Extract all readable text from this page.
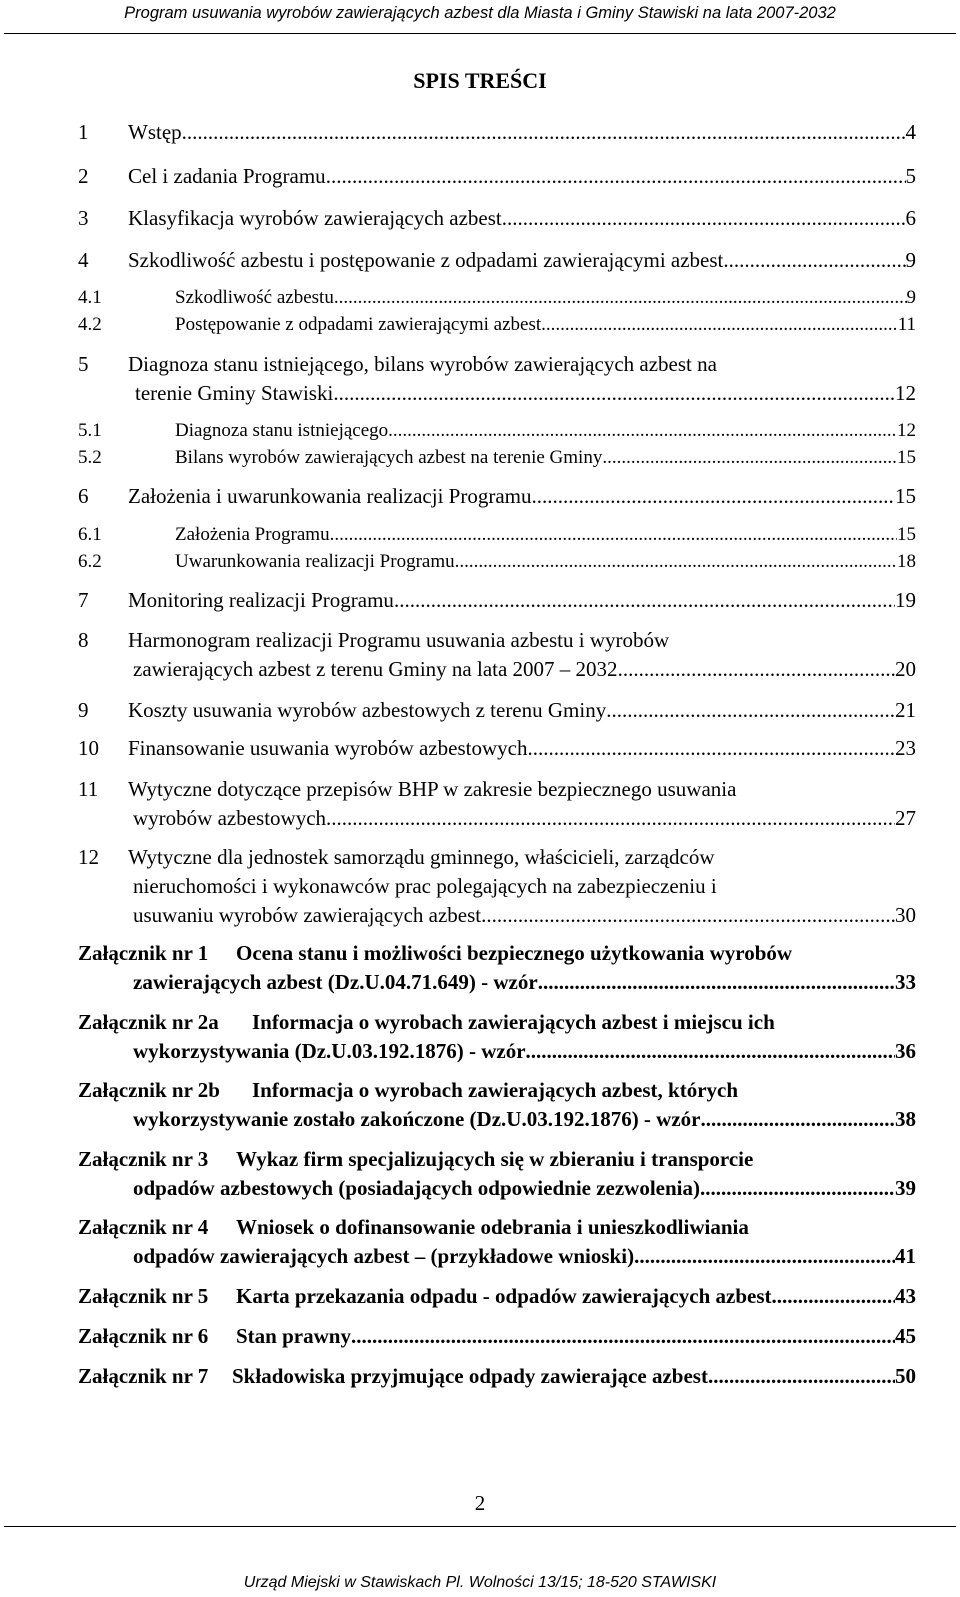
Program usuwania wyrobów zawierających azbest dla Miasta i Gminy Stawiski na lata 2007-2032
SPIS TREŚCI
1 Wstęp .....	4
2 Cel i zadania Programu .....	5
3 Klasyfikacja wyrobów zawierających azbest .....	6
4 Szkodliwość azbestu i postępowanie z odpadami zawierającymi azbest .....	9
4.1	Szkodliwość azbestu .....	9
4.2	Postępowanie z odpadami zawierającymi azbest .....	11
5 Diagnoza stanu istniejącego, bilans wyrobów zawierających azbest na
terenie Gminy Stawiski .....	12
5.1	Diagnoza stanu istniejącego .....	12
5.2	Bilans wyrobów zawierających azbest na terenie Gminy .....	15
6 Założenia i uwarunkowania realizacji Programu .....	15
6.1	Założenia Programu .....	15
6.2	Uwarunkowania realizacji Programu .....	18
7 Monitoring realizacji Programu .....	19
8 Harmonogram realizacji Programu usuwania azbestu i wyrobów
zawierających azbest z terenu Gminy na lata 2007 – 2032 .....	20
9 Koszty usuwania wyrobów azbestowych z terenu Gminy .....	21
10 Finansowanie usuwania wyrobów azbestowych .....	23
11 Wytyczne dotyczące przepisów BHP w zakresie bezpiecznego usuwania
wyrobów azbestowych .....	27
12 Wytyczne dla jednostek samorządu gminnego, właścicieli, zarządców
nieruchomości i wykonawców prac polegających na zabezpieczeniu i
usuwaniu wyrobów zawierających azbest .....	30
Załącznik nr 1 Ocena stanu i możliwości bezpiecznego użytkowania wyrobów
zawierających azbest (Dz.U.04.71.649) - wzór .....	33
Załącznik nr 2a Informacja o wyrobach zawierających azbest i miejscu ich
wykorzystywania (Dz.U.03.192.1876) - wzór .....	36
Załącznik nr 2b Informacja o wyrobach zawierających azbest, których
wykorzystywanie zostało zakończone (Dz.U.03.192.1876) - wzór .....	38
Załącznik nr 3 Wykaz firm specjalizujących się w zbieraniu i transporcie
odpadów azbestowych (posiadających odpowiednie zezwolenia) .....	39
Załącznik nr 4 Wniosek o dofinansowanie odebrania i unieszkodliwiania
odpadów zawierających azbest – (przykładowe wnioski) .....	41
Załącznik nr 5 Karta przekazania odpadu - odpadów zawierających azbest .....	43
Załącznik nr 6 Stan prawny .....	45
Załącznik nr 7 Składowiska przyjmujące odpady zawierające azbest .....	50
2
Urząd Miejski w Stawiskach Pl. Wolności 13/15; 18-520 STAWISKI
